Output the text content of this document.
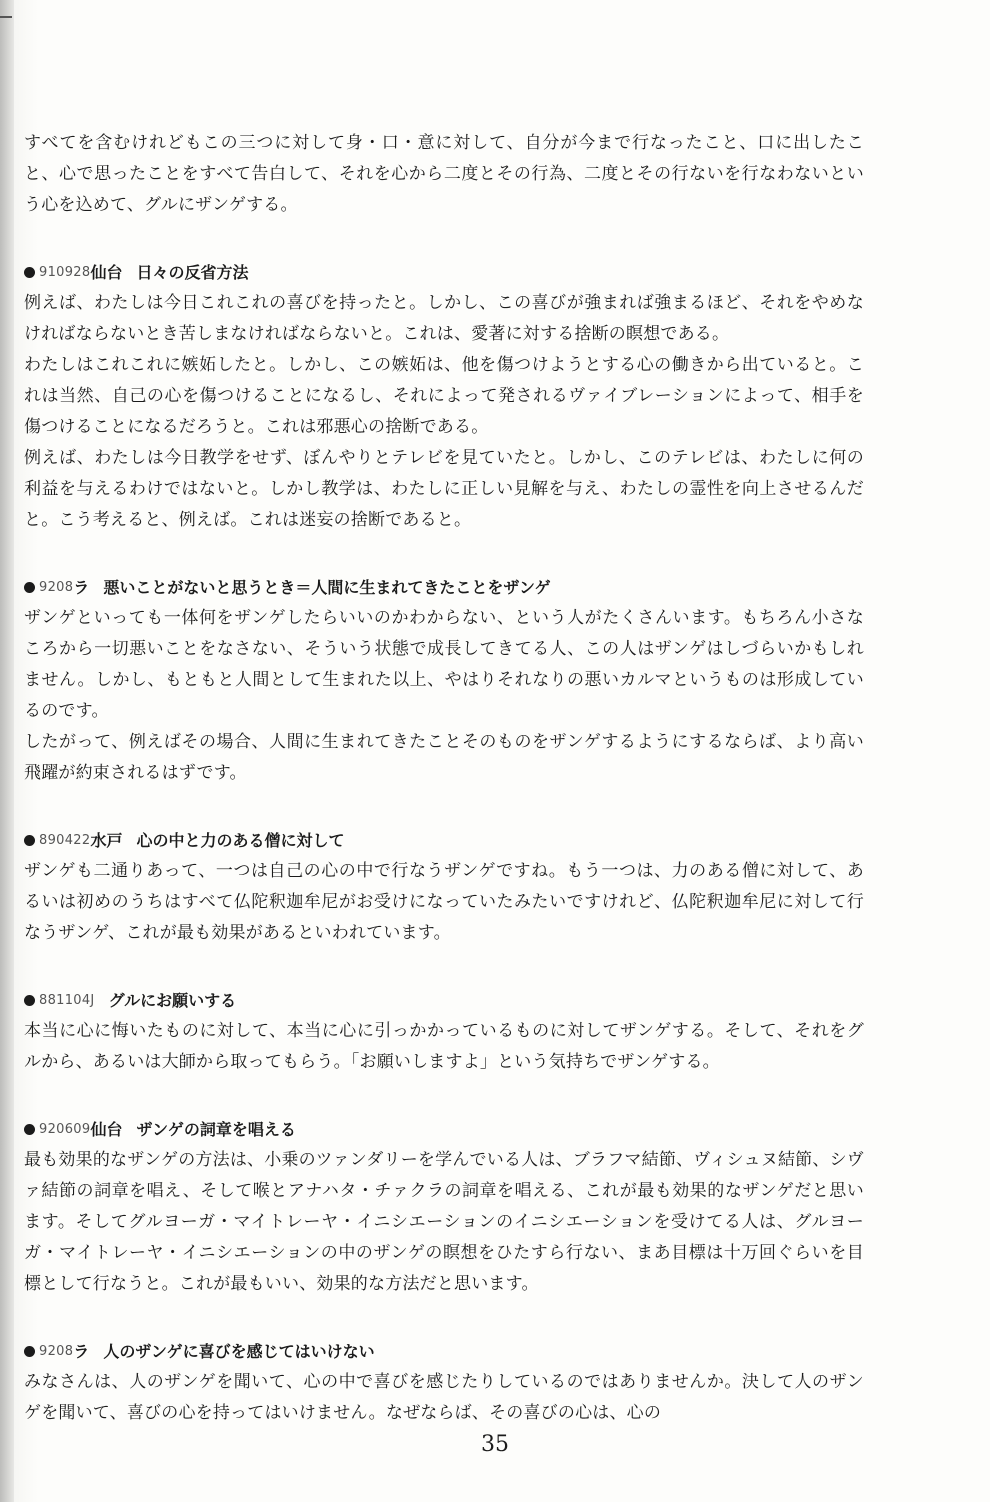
すべてを含むけれどもこの三つに対して身・口・意に対して、自分が今まで行なったこと、口に出したこと、心で思ったことをすべて告白して、それを心から二度とその行為、二度とその行ないを行なわないという心を込めて、グルにザンゲする。

910928 仙台 日々の反省方法

例えば、わたしは今日これこれの喜びを持ったと。しかし、この喜びが強まれば強まるほど、それをやめなければならないとき苦しまなければならないと。これは、愛著に対する捨断の瞑想である。

わたしはこれこれに嫉妬したと。しかし、この嫉妬は、他を傷つけようとする心の働きから出ていると。これは当然、自己の心を傷つけることになるし、それによって発されるヴァイブレーションによって、相手を傷つけることになるだろうと。これは邪悪心の捨断である。

例えば、わたしは今日教学をせず、ぼんやりとテレビを見ていたと。しかし、このテレビは、わたしに何の利益を与えるわけではないと。しかし教学は、わたしに正しい見解を与え、わたしの霊性を向上させるんだと。こう考えると、例えば。これは迷妄の捨断であると。

9208 ラ 悪いことがないと思うとき＝人間に生まれてきたことをザンゲ

ザンゲといっても一体何をザンゲしたらいいのかわからない、という人がたくさんいます。もちろん小さなころから一切悪いことをなさない、そういう状態で成長してきてる人、この人はザンゲはしづらいかもしれません。しかし、もともと人間として生まれた以上、やはりそれなりの悪いカルマというものは形成しているのです。

したがって、例えばその場合、人間に生まれてきたことそのものをザンゲするようにするならば、より高い飛躍が約束されるはずです。

890422 水戸 心の中と力のある僧に対して

ザンゲも二通りあって、一つは自己の心の中で行なうザンゲですね。もう一つは、力のある僧に対して、あるいは初めのうちはすべて仏陀釈迦牟尼がお受けになっていたみたいですけれど、仏陀釈迦牟尼に対して行なうザンゲ、これが最も効果があるといわれています。

881104J グルにお願いする

本当に心に悔いたものに対して、本当に心に引っかかっているものに対してザンゲする。そして、それをグルから、あるいは大師から取ってもらう。「お願いしますよ」という気持ちでザンゲする。

920609 仙台 ザンゲの詞章を唱える

最も効果的なザンゲの方法は、小乗のツァンダリーを学んでいる人は、ブラフマ結節、ヴィシュヌ結節、シヴァ結節の詞章を唱え、そして喉とアナハタ・チァクラの詞章を唱える、これが最も効果的なザンゲだと思います。そしてグルヨーガ・マイトレーヤ・イニシエーションのイニシエーションを受けてる人は、グルヨーガ・マイトレーヤ・イニシエーションの中のザンゲの瞑想をひたすら行ない、まあ目標は十万回ぐらいを目標として行なうと。これが最もいい、効果的な方法だと思います。

9208 ラ 人のザンゲに喜びを感じてはいけない

みなさんは、人のザンゲを聞いて、心の中で喜びを感じたりしているのではありませんか。決して人のザンゲを聞いて、喜びの心を持ってはいけません。なぜならば、その喜びの心は、心の

35
